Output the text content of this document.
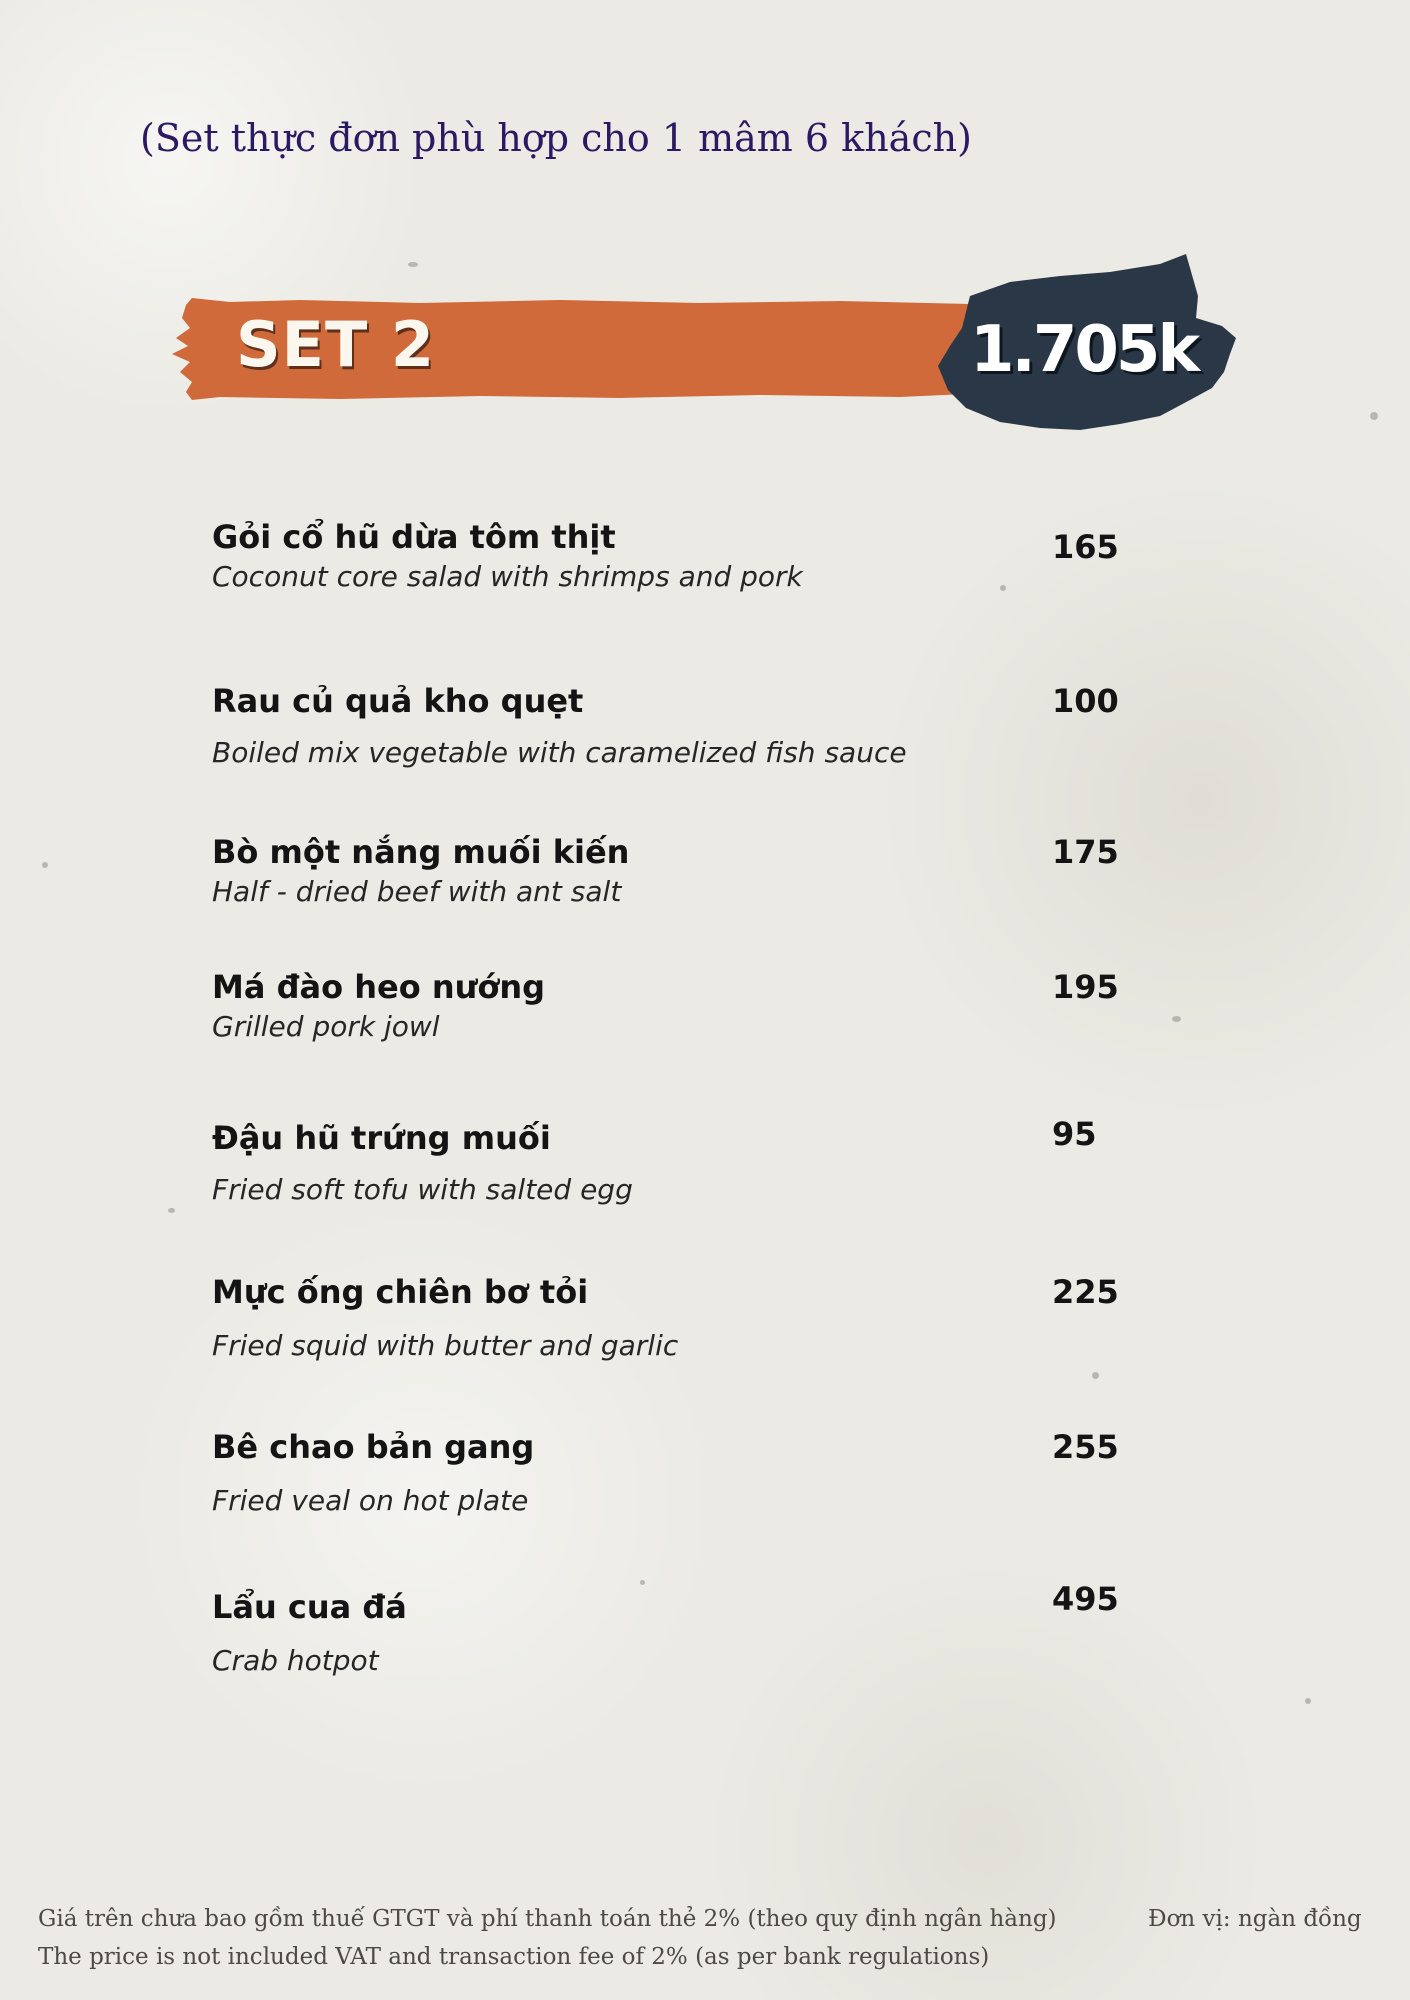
(Set thực đơn phù hợp cho 1 mâm 6 khách)
SET 2	1.705k
Gỏi cổ hũ dừa tôm thịt
Coconut core salad with shrimps and pork
165
Rau củ quả kho quẹt
Boiled mix vegetable with caramelized fish sauce
100
Bò một nắng muối kiến
Half - dried beef with ant salt
175
Má đào heo nướng
Grilled pork jowl
195
Đậu hũ trứng muối
Fried soft tofu with salted egg
95
Mực ống chiên bơ tỏi
Fried squid with butter and garlic
225
Bê chao bản gang
Fried veal on hot plate
255
Lẩu cua đá
Crab hotpot
495
Giá trên chưa bao gồm thuế GTGT và phí thanh toán thẻ 2% (theo quy định ngân hàng)
The price is not included VAT and transaction fee of 2% (as per bank regulations)
Đơn vị: ngàn đồng
